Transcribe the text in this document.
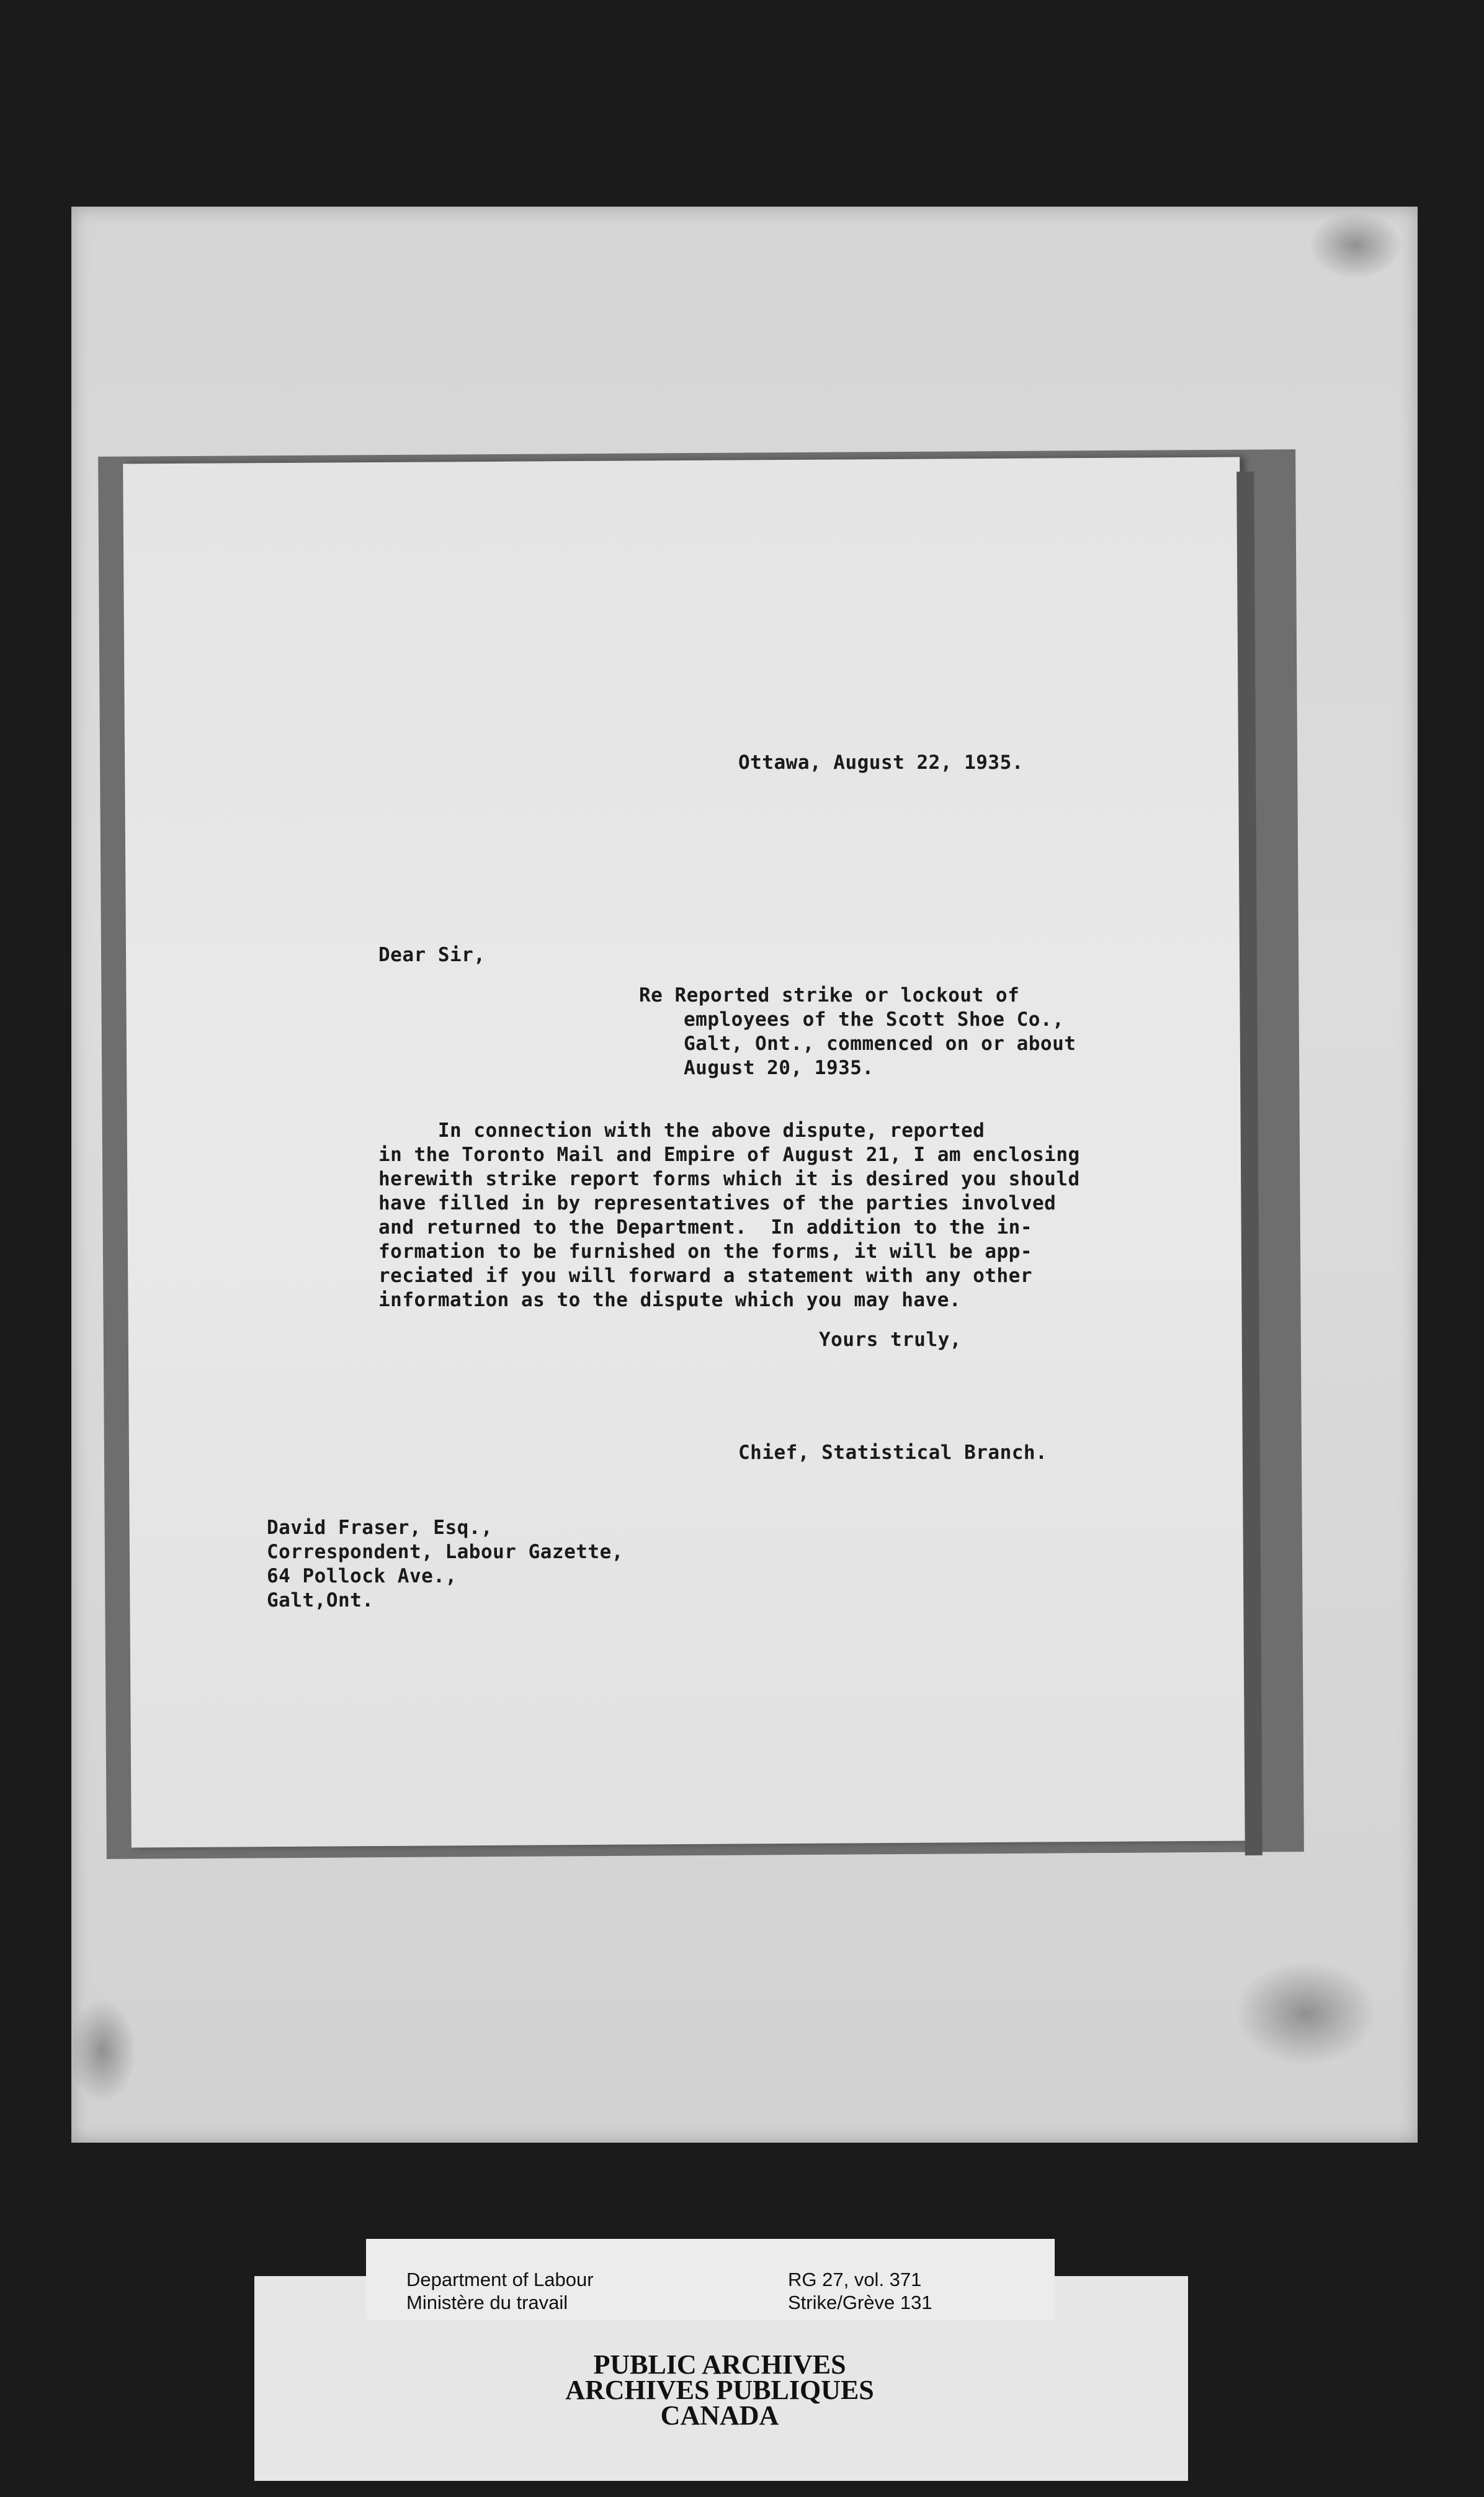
Ottawa, August 22, 1935.
Dear Sir,
Re Reported strike or lockout of
employees of the Scott Shoe Co.,
Galt, Ont., commenced on or about
August 20, 1935.
In connection with the above dispute, reported
in the Toronto Mail and Empire of August 21, I am enclosing
herewith strike report forms which it is desired you should
have filled in by representatives of the parties involved
and returned to the Department.  In addition to the in-
formation to be furnished on the forms, it will be app-
reciated if you will forward a statement with any other
information as to the dispute which you may have.
Yours truly,
Chief, Statistical Branch.
David Fraser, Esq.,
Correspondent, Labour Gazette,
64 Pollock Ave.,
Galt,Ont.
Department of Labour
Ministère du travail
RG 27, vol. 371
Strike/Grève 131
PUBLIC ARCHIVES
ARCHIVES PUBLIQUES
CANADA
